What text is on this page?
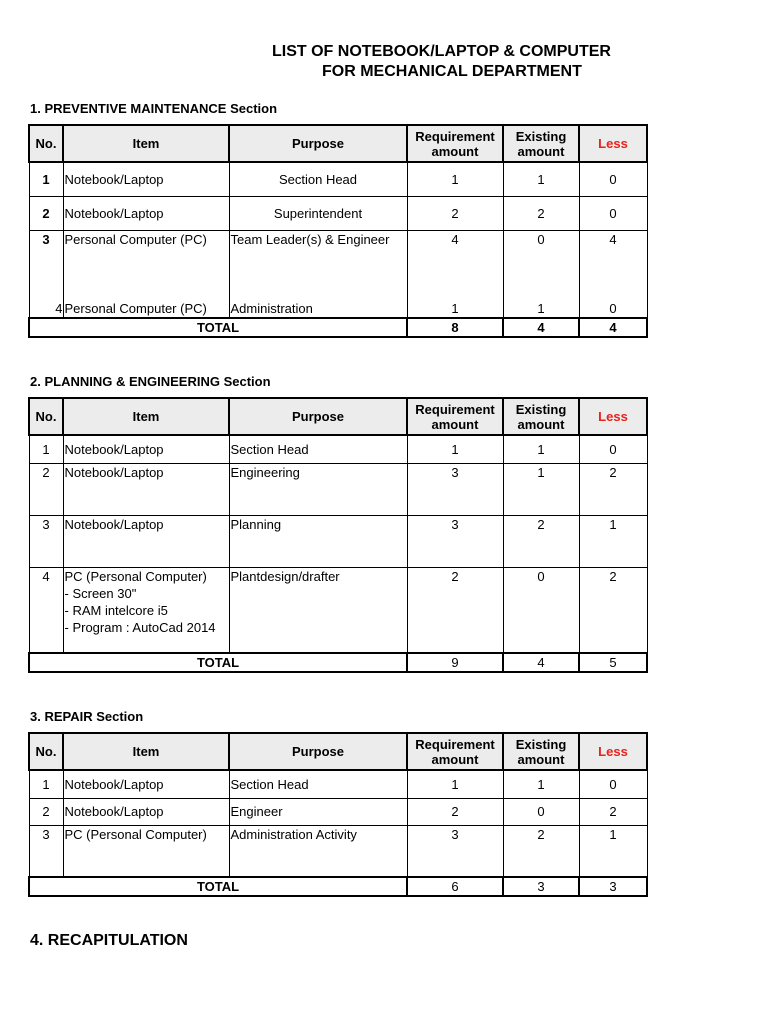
LIST OF NOTEBOOK/LAPTOP & COMPUTER
FOR MECHANICAL DEPARTMENT
1. PREVENTIVE MAINTENANCE Section
No.	Item	Purpose	Requirement amount	Existing amount	Less
1	Notebook/Laptop	Section Head	1	1	0
2	Notebook/Laptop	Superintendent	2	2	0
3	Personal Computer (PC)	Team Leader(s) & Engineer	4	0	4
4	Personal Computer (PC)	Administration	1	1	0
TOTAL			8	4	4
2. PLANNING & ENGINEERING Section
No.	Item	Purpose	Requirement amount	Existing amount	Less
1	Notebook/Laptop	Section Head	1	1	0
2	Notebook/Laptop	Engineering	3	1	2
3	Notebook/Laptop	Planning	3	2	1
4	PC (Personal Computer)
- Screen 30"
- RAM intelcore i5
- Program : AutoCad 2014	Plantdesign/drafter	2	0	2
TOTAL			9	4	5
3. REPAIR Section
No.	Item	Purpose	Requirement amount	Existing amount	Less
1	Notebook/Laptop	Section Head	1	1	0
2	Notebook/Laptop	Engineer	2	0	2
3	PC (Personal Computer)	Administration Activity	3	2	1
TOTAL			6	3	3
4. RECAPITULATION
